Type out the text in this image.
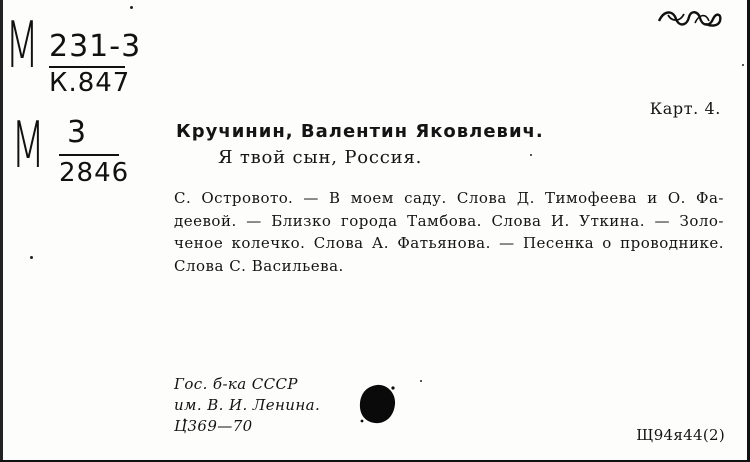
М 231-3
К.847
М 3
2846
Карт. 4.
Кручинин, Валентин Яковлевич.
Я твой сын, Россия.
С. Островотo. — В моем саду. Слова Д. Тимофеева и О. Фа-
деевой. — Близко города Тамбова. Слова И. Уткина. — Золо-
ченое колечко. Слова А. Фатьянова. — Песенка о проводнике.
Слова С. Васильева.
Гос. б-ка СССР
им. В. И. Ленина.
Ц̓369—70	Щ94я44(2)
